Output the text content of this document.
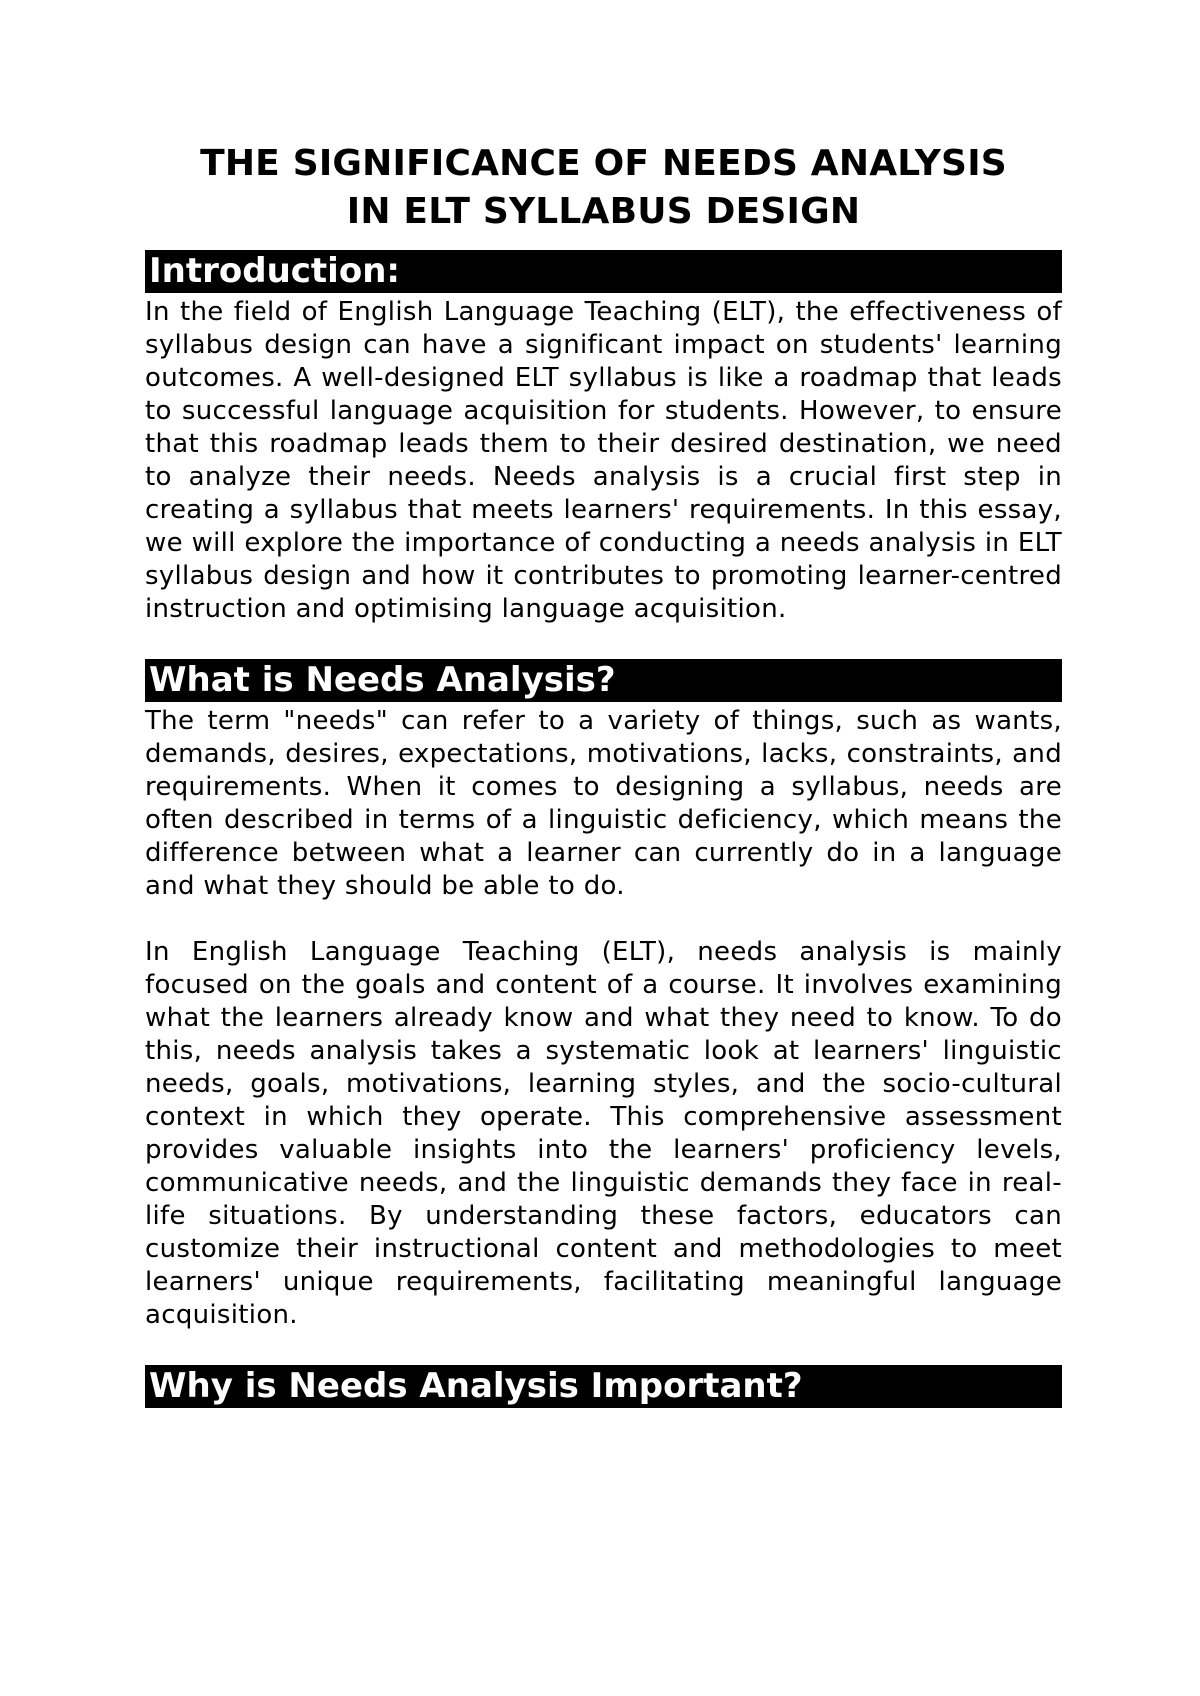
THE SIGNIFICANCE OF NEEDS ANALYSIS
IN ELT SYLLABUS DESIGN
Introduction:

In the field of English Language Teaching (ELT), the effectiveness of syllabus design can have a significant impact on students' learning outcomes. A well-designed ELT syllabus is like a roadmap that leads to successful language acquisition for students. However, to ensure that this roadmap leads them to their desired destination, we need to analyze their needs. Needs analysis is a crucial first step in creating a syllabus that meets learners' requirements. In this essay, we will explore the importance of conducting a needs analysis in ELT syllabus design and how it contributes to promoting learner-centred instruction and optimising language acquisition.

What is Needs Analysis?

The term "needs" can refer to a variety of things, such as wants, demands, desires, expectations, motivations, lacks, constraints, and requirements. When it comes to designing a syllabus, needs are often described in terms of a linguistic deficiency, which means the difference between what a learner can currently do in a language and what they should be able to do.

In English Language Teaching (ELT), needs analysis is mainly focused on the goals and content of a course. It involves examining what the learners already know and what they need to know. To do this, needs analysis takes a systematic look at learners' linguistic needs, goals, motivations, learning styles, and the socio-cultural context in which they operate. This comprehensive assessment provides valuable insights into the learners' proficiency levels, communicative needs, and the linguistic demands they face in real-life situations. By understanding these factors, educators can customize their instructional content and methodologies to meet learners' unique requirements, facilitating meaningful language acquisition.

Why is Needs Analysis Important?
